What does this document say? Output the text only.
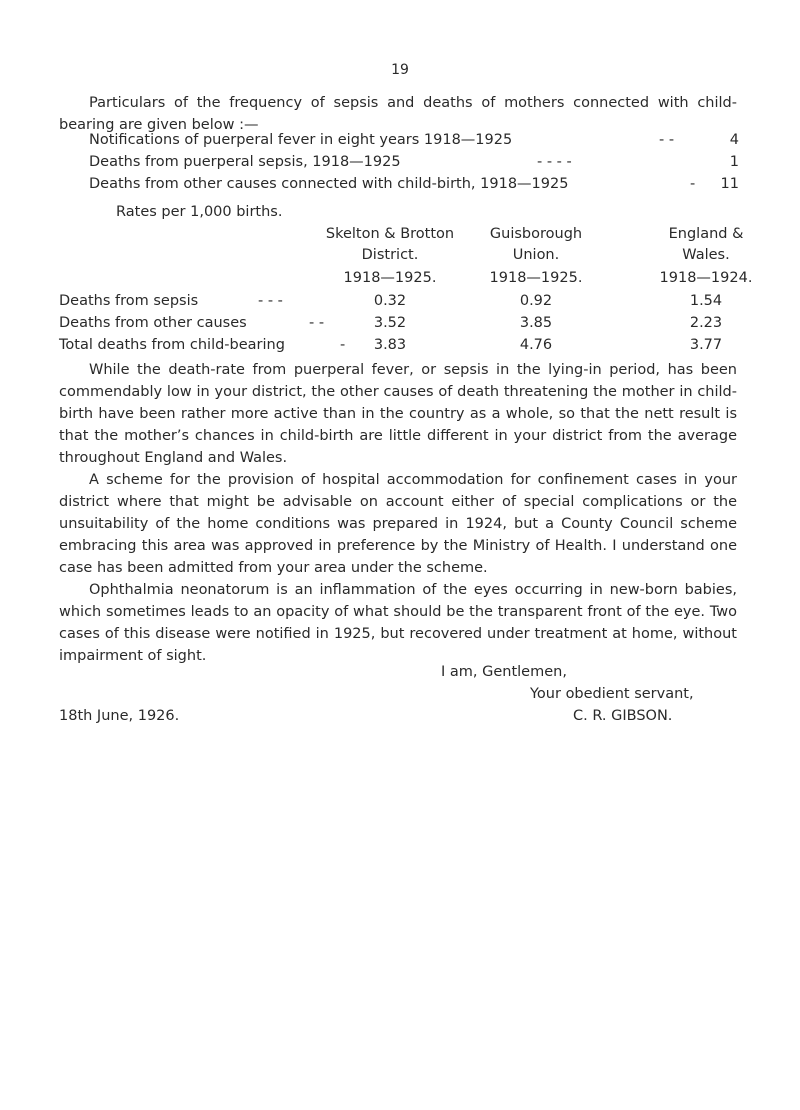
19

Particulars of the frequency of sepsis and deaths of mothers connected with child-bearing are given below :—

Notifications of puerperal fever in eight years 1918—1925	- -	4
Deaths from puerperal sepsis, 1918—1925	- - - -	1
Deaths from other causes connected with child-birth, 1918—1925	-	11
Rates per 1,000 births.
Skelton & Brotton
District.
1918—1925.
Guisborough
Union.
1918—1925.
England &
Wales.
1918—1924.
Deaths from sepsis	- - -	0.32	0.92	1.54
Deaths from other causes	- -	3.52	3.85	2.23
Total deaths from child-bearing	-	3.83	4.76	3.77

While the death-rate from puerperal fever, or sepsis in the lying-in period, has been commendably low in your district, the other causes of death threatening the mother in child-birth have been rather more active than in the country as a whole, so that the nett result is that the mother’s chances in child-birth are little different in your district from the average throughout England and Wales.

A scheme for the provision of hospital accommodation for confinement cases in your district where that might be advisable on account either of special complications or the unsuitability of the home conditions was prepared in 1924, but a County Council scheme embracing this area was approved in preference by the Ministry of Health. I understand one case has been admitted from your area under the scheme.

Ophthalmia neonatorum is an inflammation of the eyes occurring in new-born babies, which sometimes leads to an opacity of what should be the transparent front of the eye. Two cases of this disease were notified in 1925, but recovered under treatment at home, without impairment of sight.

I am, Gentlemen,
Your obedient servant,
C. R. GIBSON.
18th June, 1926.
